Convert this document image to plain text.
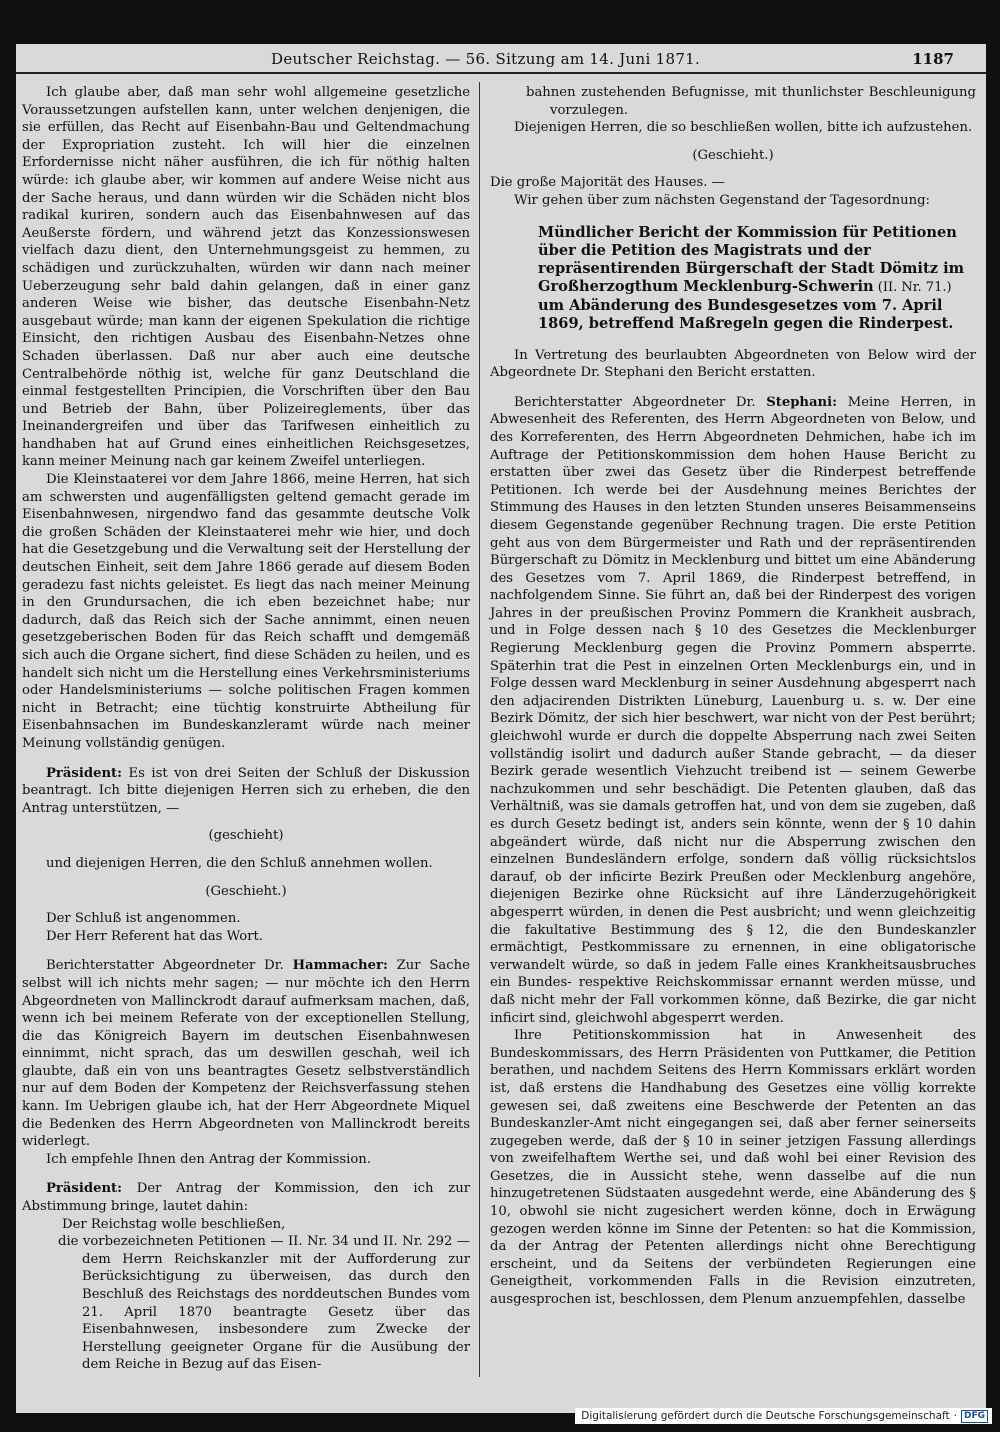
Deutscher Reichstag. — 56. Sitzung am 14. Juni 1871.	1187

Ich glaube aber, daß man sehr wohl allgemeine gesetzliche Voraussetzungen aufstellen kann, unter welchen denjenigen, die sie erfüllen, das Recht auf Eisenbahn-Bau und Geltendmachung der Expropriation zusteht. Ich will hier die einzelnen Erfordernisse nicht näher ausführen, die ich für nöthig halten würde: ich glaube aber, wir kommen auf andere Weise nicht aus der Sache heraus, und dann würden wir die Schäden nicht blos radikal kuriren, sondern auch das Eisenbahnwesen auf das Aeußerste fördern, und während jetzt das Konzessionswesen vielfach dazu dient, den Unternehmungsgeist zu hemmen, zu schädigen und zurückzuhalten, würden wir dann nach meiner Ueberzeugung sehr bald dahin gelangen, daß in einer ganz anderen Weise wie bisher, das deutsche Eisenbahn-Netz ausgebaut würde; man kann der eigenen Spekulation die richtige Einsicht, den richtigen Ausbau des Eisenbahn-Netzes ohne Schaden überlassen. Daß nur aber auch eine deutsche Centralbehörde nöthig ist, welche für ganz Deutschland die einmal festgestellten Principien, die Vorschriften über den Bau und Betrieb der Bahn, über Polizeireglements, über das Ineinandergreifen und über das Tarifwesen einheitlich zu handhaben hat auf Grund eines einheitlichen Reichsgesetzes, kann meiner Meinung nach gar keinem Zweifel unterliegen.

Die Kleinstaaterei vor dem Jahre 1866, meine Herren, hat sich am schwersten und augenfälligsten geltend gemacht gerade im Eisenbahnwesen, nirgendwo fand das gesammte deutsche Volk die großen Schäden der Kleinstaaterei mehr wie hier, und doch hat die Gesetzgebung und die Verwaltung seit der Herstellung der deutschen Einheit, seit dem Jahre 1866 gerade auf diesem Boden geradezu fast nichts geleistet. Es liegt das nach meiner Meinung in den Grundursachen, die ich eben bezeichnet habe; nur dadurch, daß das Reich sich der Sache annimmt, einen neuen gesetzgeberischen Boden für das Reich schafft und demgemäß sich auch die Organe sichert, find diese Schäden zu heilen, und es handelt sich nicht um die Herstellung eines Verkehrsministeriums oder Handelsministeriums — solche politischen Fragen kommen nicht in Betracht; eine tüchtig konstruirte Abtheilung für Eisenbahnsachen im Bundeskanzleramt würde nach meiner Meinung vollständig genügen.

Präsident: Es ist von drei Seiten der Schluß der Diskussion beantragt. Ich bitte diejenigen Herren sich zu erheben, die den Antrag unterstützen, —

(geschieht)

und diejenigen Herren, die den Schluß annehmen wollen.

(Geschieht.)

Der Schluß ist angenommen.

Der Herr Referent hat das Wort.

Berichterstatter Abgeordneter Dr. Hammacher: Zur Sache selbst will ich nichts mehr sagen; — nur möchte ich den Herrn Abgeordneten von Mallinckrodt darauf aufmerksam machen, daß, wenn ich bei meinem Referate von der exceptionellen Stellung, die das Königreich Bayern im deutschen Eisenbahnwesen einnimmt, nicht sprach, das um deswillen geschah, weil ich glaubte, daß ein von uns beantragtes Gesetz selbstverständlich nur auf dem Boden der Kompetenz der Reichsverfassung stehen kann. Im Uebrigen glaube ich, hat der Herr Abgeordnete Miquel die Bedenken des Herrn Abgeordneten von Mallinckrodt bereits widerlegt.

Ich empfehle Ihnen den Antrag der Kommission.

Präsident: Der Antrag der Kommission, den ich zur Abstimmung bringe, lautet dahin:

Der Reichstag wolle beschließen,

die vorbezeichneten Petitionen — II. Nr. 34 und II. Nr. 292 — dem Herrn Reichskanzler mit der Aufforderung zur Berücksichtigung zu überweisen, das durch den Beschluß des Reichstags des norddeutschen Bundes vom 21. April 1870 beantragte Gesetz über das Eisenbahnwesen, insbesondere zum Zwecke der Herstellung geeigneter Organe für die Ausübung der dem Reiche in Bezug auf das Eisen-

bahnen zustehenden Befugnisse, mit thunlichster Beschleunigung vorzulegen.

Diejenigen Herren, die so beschließen wollen, bitte ich aufzustehen.

(Geschieht.)

Die große Majorität des Hauses. —

Wir gehen über zum nächsten Gegenstand der Tagesordnung:

Mündlicher Bericht der Kommission für Petitionen über die Petition des Magistrats und der repräsentirenden Bürgerschaft der Stadt Dömitz im Großherzogthum Mecklenburg-Schwerin (II. Nr. 71.)
um Abänderung des Bundesgesetzes vom 7. April 1869, betreffend Maßregeln gegen die Rinderpest.

In Vertretung des beurlaubten Abgeordneten von Below wird der Abgeordnete Dr. Stephani den Bericht erstatten.

Berichterstatter Abgeordneter Dr. Stephani: Meine Herren, in Abwesenheit des Referenten, des Herrn Abgeordneten von Below, und des Korreferenten, des Herrn Abgeordneten Dehmichen, habe ich im Auftrage der Petitionskommission dem hohen Hause Bericht zu erstatten über zwei das Gesetz über die Rinderpest betreffende Petitionen. Ich werde bei der Ausdehnung meines Berichtes der Stimmung des Hauses in den letzten Stunden unseres Beisammenseins diesem Gegenstande gegenüber Rechnung tragen. Die erste Petition geht aus von dem Bürgermeister und Rath und der repräsentirenden Bürgerschaft zu Dömitz in Mecklenburg und bittet um eine Abänderung des Gesetzes vom 7. April 1869, die Rinderpest betreffend, in nachfolgendem Sinne. Sie führt an, daß bei der Rinderpest des vorigen Jahres in der preußischen Provinz Pommern die Krankheit ausbrach, und in Folge dessen nach § 10 des Gesetzes die Mecklenburger Regierung Mecklenburg gegen die Provinz Pommern absperrte. Späterhin trat die Pest in einzelnen Orten Mecklenburgs ein, und in Folge dessen ward Mecklenburg in seiner Ausdehnung abgesperrt nach den adjacirenden Distrikten Lüneburg, Lauenburg u. s. w. Der eine Bezirk Dömitz, der sich hier beschwert, war nicht von der Pest berührt; gleichwohl wurde er durch die doppelte Absperrung nach zwei Seiten vollständig isolirt und dadurch außer Stande gebracht, — da dieser Bezirk gerade wesentlich Viehzucht treibend ist — seinem Gewerbe nachzukommen und sehr beschädigt. Die Petenten glauben, daß das Verhältniß, was sie damals getroffen hat, und von dem sie zugeben, daß es durch Gesetz bedingt ist, anders sein könnte, wenn der § 10 dahin abgeändert würde, daß nicht nur die Absperrung zwischen den einzelnen Bundesländern erfolge, sondern daß völlig rücksichtslos darauf, ob der inficirte Bezirk Preußen oder Mecklenburg angehöre, diejenigen Bezirke ohne Rücksicht auf ihre Länderzugehörigkeit abgesperrt würden, in denen die Pest ausbricht; und wenn gleichzeitig die fakultative Bestimmung des § 12, die den Bundeskanzler ermächtigt, Pestkommissare zu ernennen, in eine obligatorische verwandelt würde, so daß in jedem Falle eines Krankheitsausbruches ein Bundes- respektive Reichskommissar ernannt werden müsse, und daß nicht mehr der Fall vorkommen könne, daß Bezirke, die gar nicht inficirt sind, gleichwohl abgesperrt werden.

Ihre Petitionskommission hat in Anwesenheit des Bundeskommissars, des Herrn Präsidenten von Puttkamer, die Petition berathen, und nachdem Seitens des Herrn Kommissars erklärt worden ist, daß erstens die Handhabung des Gesetzes eine völlig korrekte gewesen sei, daß zweitens eine Beschwerde der Petenten an das Bundeskanzler-Amt nicht eingegangen sei, daß aber ferner seinerseits zugegeben werde, daß der § 10 in seiner jetzigen Fassung allerdings von zweifelhaftem Werthe sei, und daß wohl bei einer Revision des Gesetzes, die in Aussicht stehe, wenn dasselbe auf die nun hinzugetretenen Südstaaten ausgedehnt werde, eine Abänderung des § 10, obwohl sie nicht zugesichert werden könne, doch in Erwägung gezogen werden könne im Sinne der Petenten: so hat die Kommission, da der Antrag der Petenten allerdings nicht ohne Berechtigung erscheint, und da Seitens der verbündeten Regierungen eine Geneigtheit, vorkommenden Falls in die Revision einzutreten, ausgesprochen ist, beschlossen, dem Plenum anzuempfehlen, dasselbe

Digitalisierung gefördert durch die Deutsche Forschungsgemeinschaft · DFG
